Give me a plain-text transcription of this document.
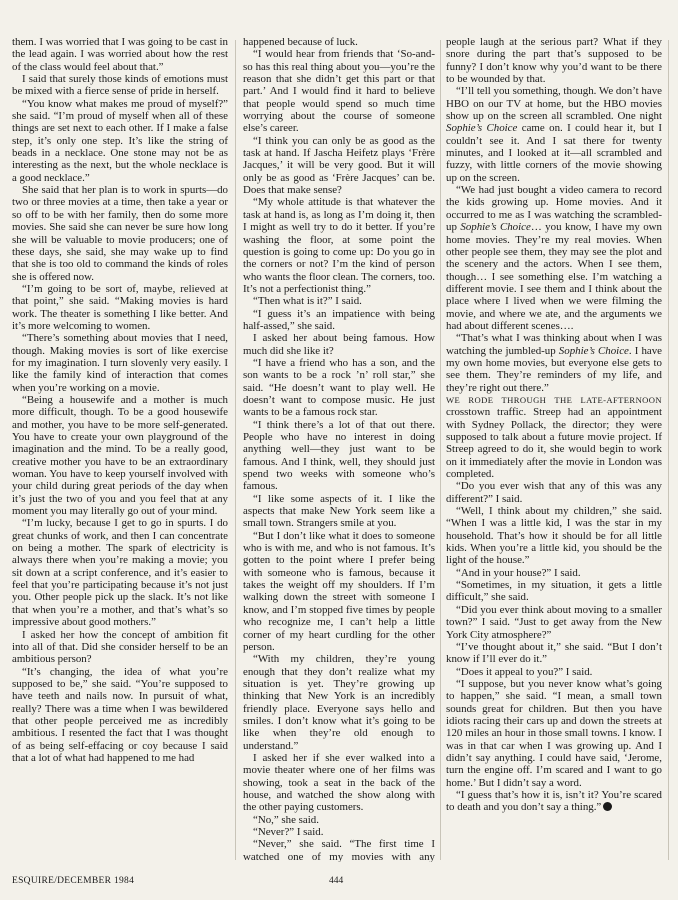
them. I was worried that I was going to be cast in the lead again. I was worried about how the rest of the class would feel about that.”

I said that surely those kinds of emotions must be mixed with a fierce sense of pride in herself.

“You know what makes me proud of myself?” she said. “I’m proud of myself when all of these things are set next to each other. If I make a false step, it’s only one step. It’s like the string of beads in a necklace. One stone may not be as interesting as the next, but the whole necklace is a good necklace.”

She said that her plan is to work in spurts—do two or three movies at a time, then take a year or so off to be with her family, then do some more movies. She said she can never be sure how long she will be valuable to movie producers; one of these days, she said, she may wake up to find that she is too old to command the kinds of roles she is offered now.

“I’m going to be sort of, maybe, relieved at that point,” she said. “Making movies is hard work. The theater is something I like better. And it’s more welcoming to women.

“There’s something about movies that I need, though. Making movies is sort of like exercise for my imagination. I turn slovenly very easily. I like the family kind of interaction that comes when you’re working on a movie.

“Being a housewife and a mother is much more difficult, though. To be a good housewife and mother, you have to be more self-generated. You have to create your own playground of the imagination and the mind. To be a really good, creative mother you have to be an extraordinary woman. You have to keep yourself involved with your child during great periods of the day when it’s just the two of you and you feel that at any moment you may literally go out of your mind.

“I’m lucky, because I get to go in spurts. I do great chunks of work, and then I can concentrate on being a mother. The spark of electricity is always there when you’re making a movie; you sit down at a script conference, and it’s easier to feel that you’re participating because it’s not just you. Other people pick up the slack. It’s not like that when you’re a mother, and that’s what’s so impressive about good mothers.”

I asked her how the concept of ambition fit into all of that. Did she consider herself to be an ambitious person?

“It’s changing, the idea of what you’re supposed to be,” she said. “You’re supposed to have teeth and nails now. In pursuit of what, really? There was a time when I was bewildered that other people perceived me as incredibly ambitious. I resented the fact that I was thought of as being self-effacing or coy because I said that a lot of what had happened to me had

happened because of luck.

“I would hear from friends that ‘So-and-so has this real thing about you—you’re the reason that she didn’t get this part or that part.’ And I would find it hard to believe that people would spend so much time worrying about the course of someone else’s career.

“I think you can only be as good as the task at hand. If Jascha Heifetz plays ‘Frère Jacques,’ it will be very good. But it will only be as good as ‘Frère Jacques’ can be. Does that make sense?

“My whole attitude is that whatever the task at hand is, as long as I’m doing it, then I might as well try to do it better. If you’re washing the floor, at some point the question is going to come up: Do you go in the corners or not? I’m the kind of person who wants the floor clean. The corners, too. It’s not a perfectionist thing.”

“Then what is it?” I said.

“I guess it’s an impatience with being half-assed,” she said.

I asked her about being famous. How much did she like it?

“I have a friend who has a son, and the son wants to be a rock ’n’ roll star,” she said. “He doesn’t want to play well. He doesn’t want to compose music. He just wants to be a famous rock star.

“I think there’s a lot of that out there. People who have no interest in doing anything well—they just want to be famous. And I think, well, they should just spend two weeks with someone who’s famous.

“I like some aspects of it. I like the aspects that make New York seem like a small town. Strangers smile at you.

“But I don’t like what it does to someone who is with me, and who is not famous. It’s gotten to the point where I prefer being with someone who is famous, because it takes the weight off my shoulders. If I’m walking down the street with someone I know, and I’m stopped five times by people who recognize me, I can’t help a little corner of my heart curdling for the other person.

“With my children, they’re young enough that they don’t realize what my situation is yet. They’re growing up thinking that New York is an incredibly friendly place. Everyone says hello and smiles. I don’t know what it’s going to be like when they’re old enough to understand.”

I asked her if she ever walked into a movie theater where one of her films was showing, took a seat in the back of the house, and watched the show along with the other paying customers.

“No,” she said.

“Never?” I said.

“Never,” she said. “The first time I watched one of my movies with any

people laugh at the serious part? What if they snore during the part that’s supposed to be funny? I don’t know why you’d want to be there to be wounded by that.

“I’ll tell you something, though. We don’t have HBO on our TV at home, but the HBO movies show up on the screen all scrambled. One night Sophie’s Choice came on. I could hear it, but I couldn’t see it. And I sat there for twenty minutes, and I looked at it—all scrambled and fuzzy, with little corners of the movie showing up on the screen.

“We had just bought a video camera to record the kids growing up. Home movies. And it occurred to me as I was watching the scrambled-up Sophie’s Choice… you know, I have my own home movies. They’re my real movies. When other people see them, they may see the plot and the scenery and the actors. When I see them, though… I see something else. I’m watching a different movie. I see them and I think about the place where I lived when we were filming the movie, and where we ate, and the arguments we had about different scenes….

“That’s what I was thinking about when I was watching the jumbled-up Sophie’s Choice. I have my own home movies, but everyone else gets to see them. They’re reminders of my life, and they’re right out there.”

WE RODE THROUGH THE LATE-AFTERNOON crosstown traffic. Streep had an appointment with Sydney Pollack, the director; they were supposed to talk about a future movie project. If Streep agreed to do it, she would begin to work on it immediately after the movie in London was completed.

“Do you ever wish that any of this was any different?” I said.

“Well, I think about my children,” she said. “When I was a little kid, I was the star in my household. That’s how it should be for all little kids. When you’re a little kid, you should be the light of the house.”

“And in your house?” I said.

“Sometimes, in my situation, it gets a little difficult,” she said.

“Did you ever think about moving to a smaller town?” I said. “Just to get away from the New York City atmosphere?”

“I’ve thought about it,” she said. “But I don’t know if I’ll ever do it.”

“Does it appeal to you?” I said.

“I suppose, but you never know what’s going to happen,” she said. “I mean, a small town sounds great for children. But then you have idiots racing their cars up and down the streets at 120 miles an hour in those small towns. I know. I was in that car when I was growing up. And I didn’t say anything. I could have said, ‘Jerome, turn the engine off. I’m scared and I want to go home.’ But I didn’t say a word.

“I guess that’s how it is, isn’t it? You’re scared to death and you don’t say a thing.”

ESQUIRE/DECEMBER 1984	444
